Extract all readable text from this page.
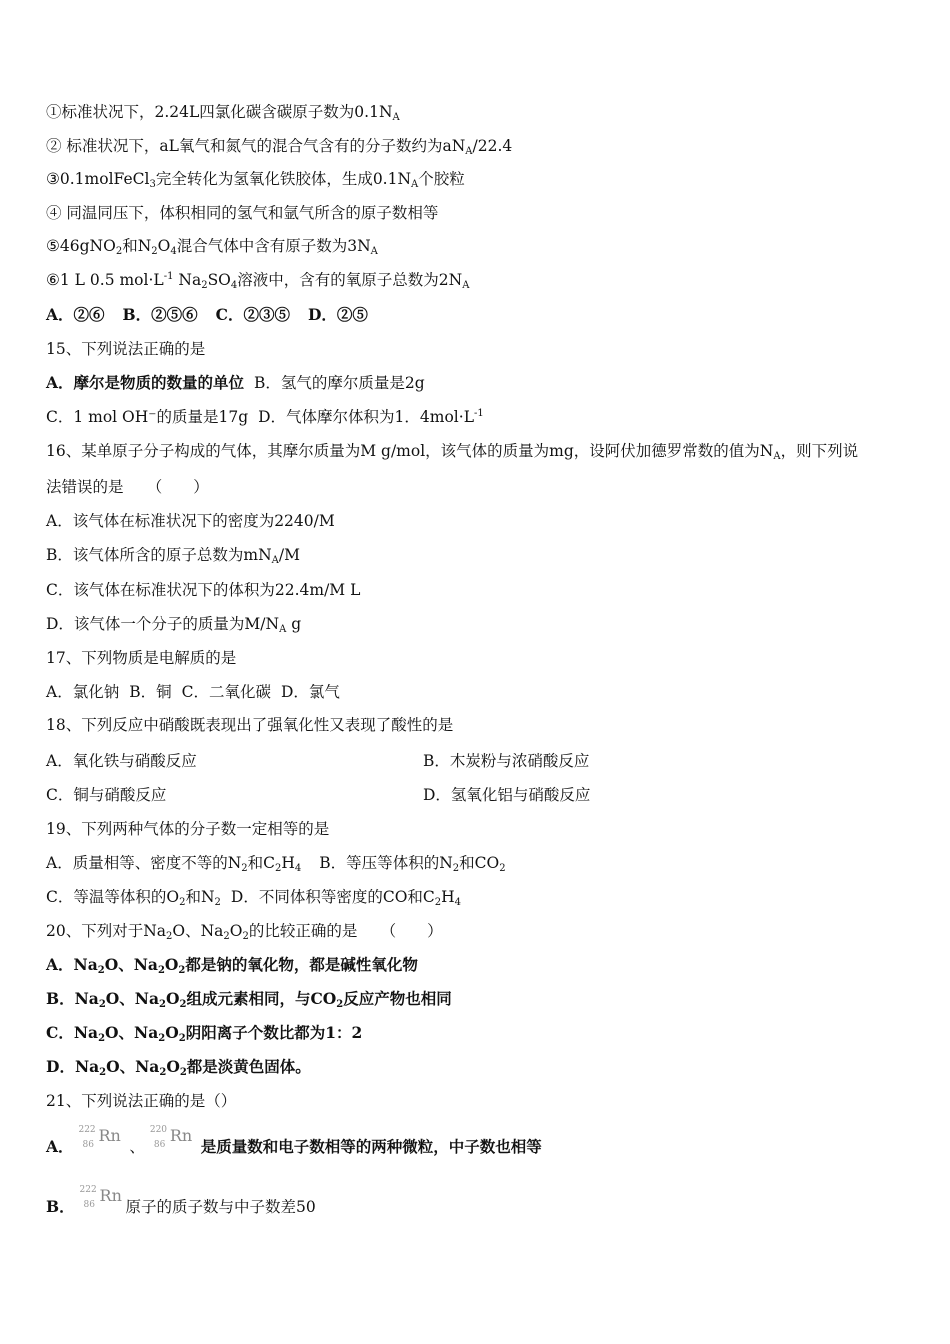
①标准状况下，2.24L四氯化碳含碳原子数为$0.1N_A$
② 标准状况下，aL氧气和氮气的混合气含有的分子数约为$aN_A/22.4$
③0.1molFeCl$_3$完全转化为氢氧化铁胶体，生成$0.1N_A$个胶粒
④ 同温同压下，体积相同的氢气和氩气所含的原子数相等
⑤46gNO$_2$和$N_2O_4$混合气体中含有原子数为$3N_A$
⑥1 L 0.5 $mol\cdot L^{-1}$ $Na_2SO_4$溶液中，含有的氧原子总数为$2N_A$
A．②⑥ B．②⑤⑥ C．②③⑤ D．②⑤
15、下列说法正确的是
A．摩尔是物质的数量的单位 B．氢气的摩尔质量是2g
C．1 mol OH⁻的质量是17g D．气体摩尔体积为1．$4mol\cdot L^{-1}$
16、某单原子分子构成的气体，其摩尔质量为M g/mol，该气体的质量为mg，设阿伏加德罗常数的值为$N_A$，则下列说
法错误的是　　（　　）
A．该气体在标准状况下的密度为2240/M
B．该气体所含的原子总数为$mN_A/M$
C．该气体在标准状况下的体积为22.4m/M L
D．该气体一个分子的质量为$M/N_A$ g
17、下列物质是电解质的是
A．氯化钠 B．铜 C．二氧化碳 D．氯气
18、下列反应中硝酸既表现出了强氧化性又表现了酸性的是
A．氧化铁与硝酸反应	B．木炭粉与浓硝酸反应
C．铜与硝酸反应	D．氢氧化铝与硝酸反应
19、下列两种气体的分子数一定相等的是
A．质量相等、密度不等的$N_2$和$C_2H_4$ B．等压等体积的$N_2$和$CO_2$
C．等温等体积的$O_2$和$N_2$ D．不同体积等密度的CO和$C_2H_4$
20、下列对于$Na_2O$、$Na_2O_2$的比较正确的是　　（　　）
A．$Na_2O$、$Na_2O_2$都是钠的氧化物，都是碱性氧化物
B．$Na_2O$、$Na_2O_2$组成元素相同，与$CO_2$反应产物也相同
C．$Na_2O$、$Na_2O_2$阴阳离子个数比都为1：2
D．$Na_2O$、$Na_2O_2$都是淡黄色固体。
21、下列说法正确的是（）
A．
222
86 Rn
、
220
86 Rn
是质量数和电子数相等的两种微粒，中子数也相等
B．
222
86 Rn
原子的质子数与中子数差50
